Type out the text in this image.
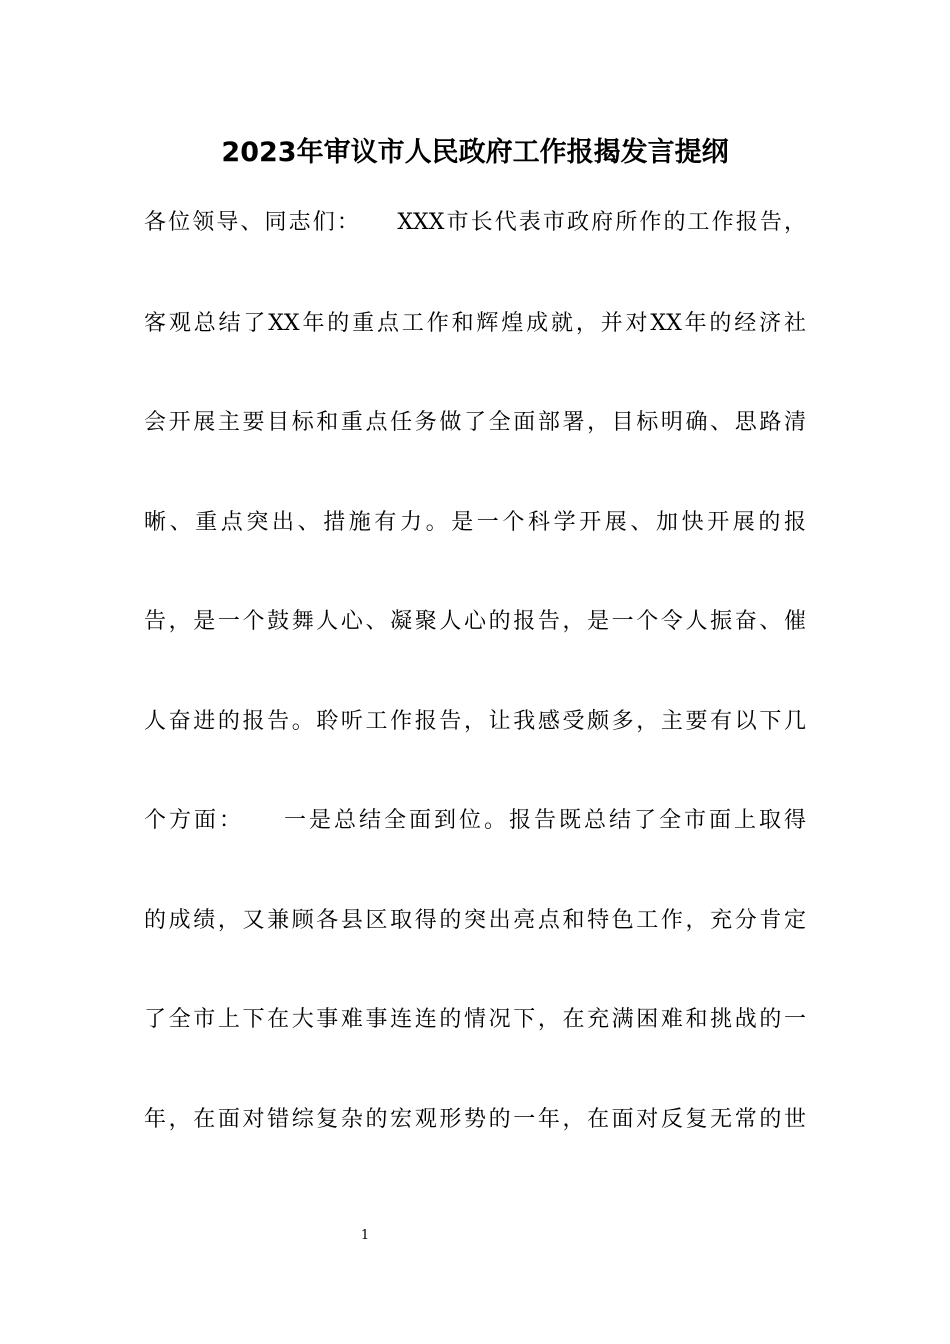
2023年审议市人民政府工作报揭发言提纲

各位领导、同志们：    XXX市长代表市政府所作的工作报告，

客观总结了XX年的重点工作和辉煌成就，并对XX年的经济社

会开展主要目标和重点任务做了全面部署，目标明确、思路清

晰、重点突出、措施有力。是一个科学开展、加快开展的报

告，是一个鼓舞人心、凝聚人心的报告，是一个令人振奋、催

人奋进的报告。聆听工作报告，让我感受颇多，主要有以下几

个方面：    一是总结全面到位。报告既总结了全市面上取得

的成绩，又兼顾各县区取得的突出亮点和特色工作，充分肯定

了全市上下在大事难事连连的情况下，在充满困难和挑战的一

年，在面对错综复杂的宏观形势的一年，在面对反复无常的世

1
